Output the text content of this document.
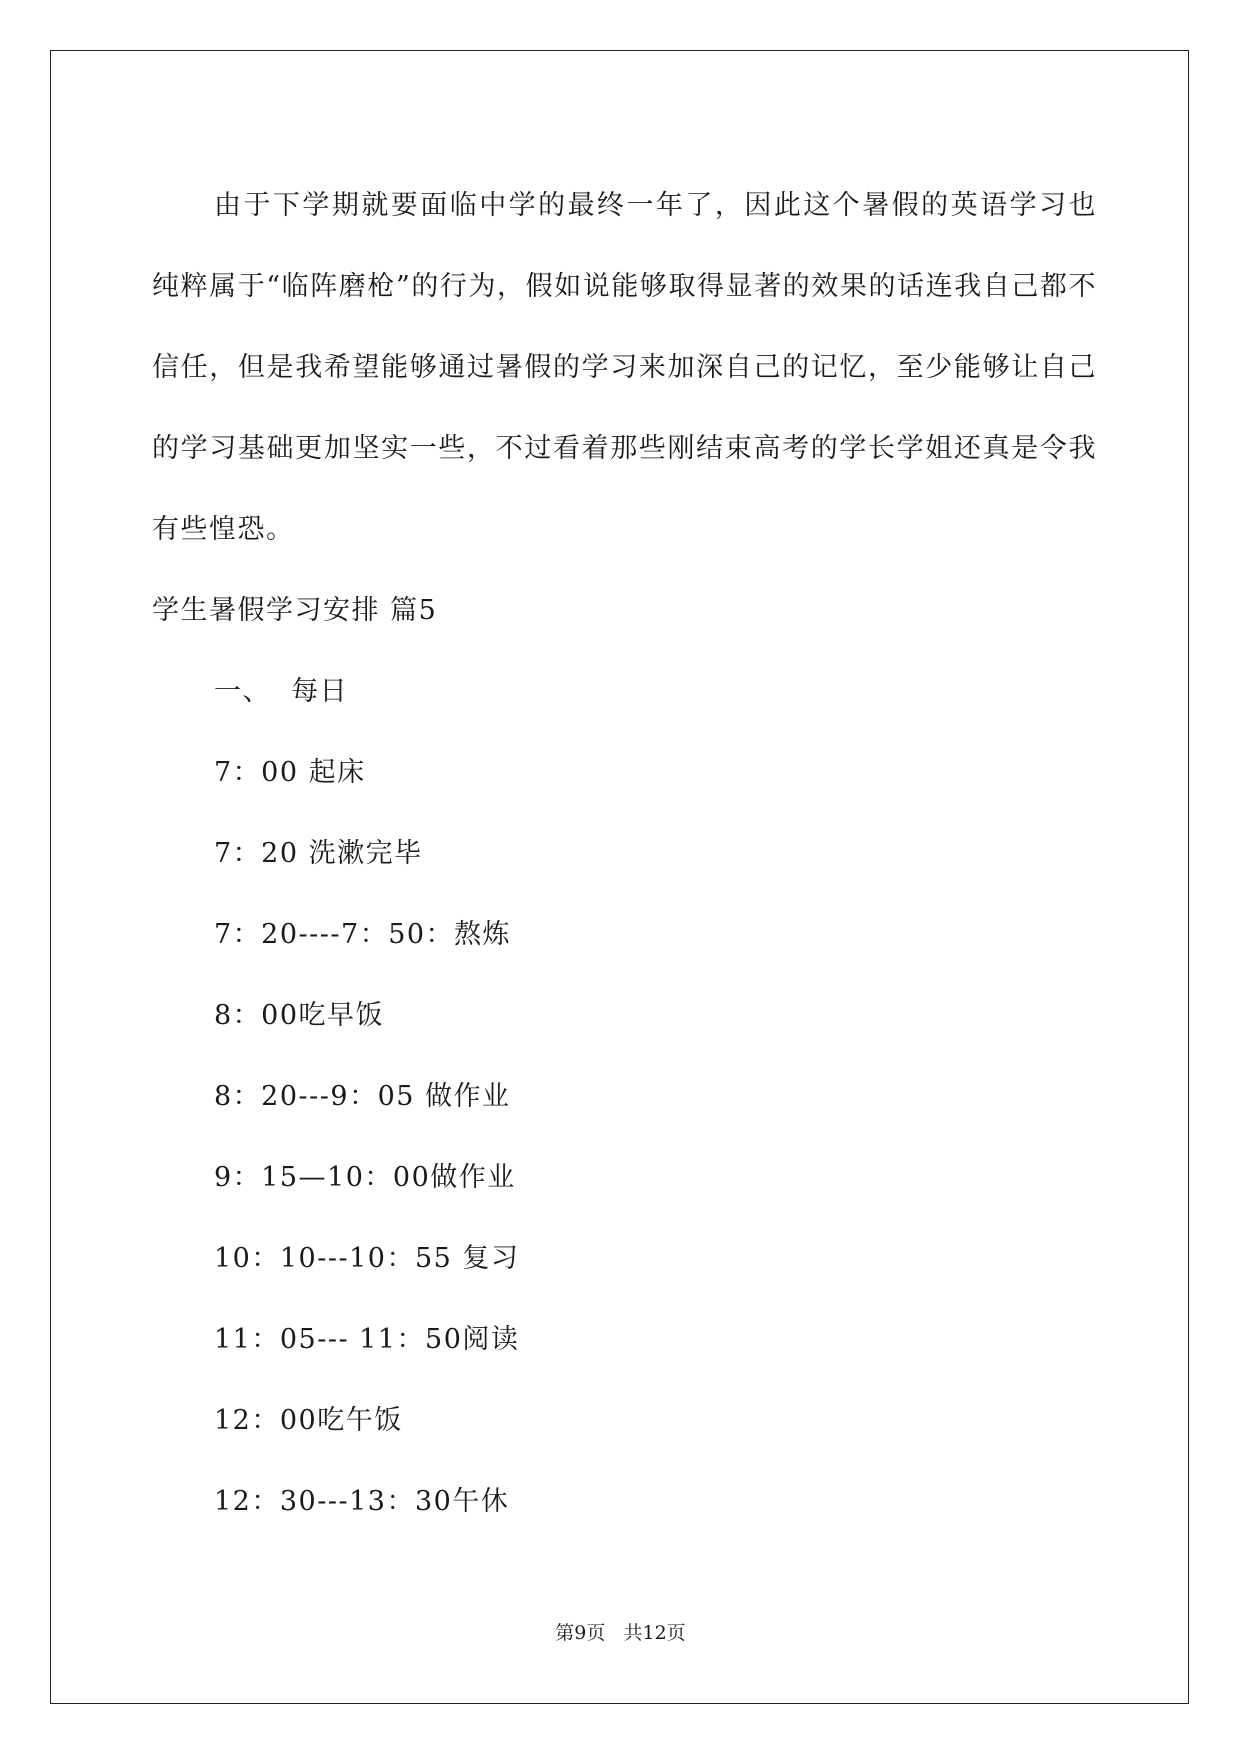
由于下学期就要面临中学的最终一年了，因此这个暑假的英语学习也纯粹属于“临阵磨枪”的行为，假如说能够取得显著的效果的话连我自己都不信任，但是我希望能够通过暑假的学习来加深自己的记忆，至少能够让自己的学习基础更加坚实一些，不过看着那些刚结束高考的学长学姐还真是令我有些惶恐。

学生暑假学习安排 篇5

一、  每日

7：00 起床

7：20 洗漱完毕

7：20----7：50：熬炼

8：00吃早饭

8：20---9：05 做作业

9：15—10：00做作业

10：10---10：55 复习

11：05--- 11：50阅读

12：00吃午饭

12：30---13：30午休

第9页   共12页
